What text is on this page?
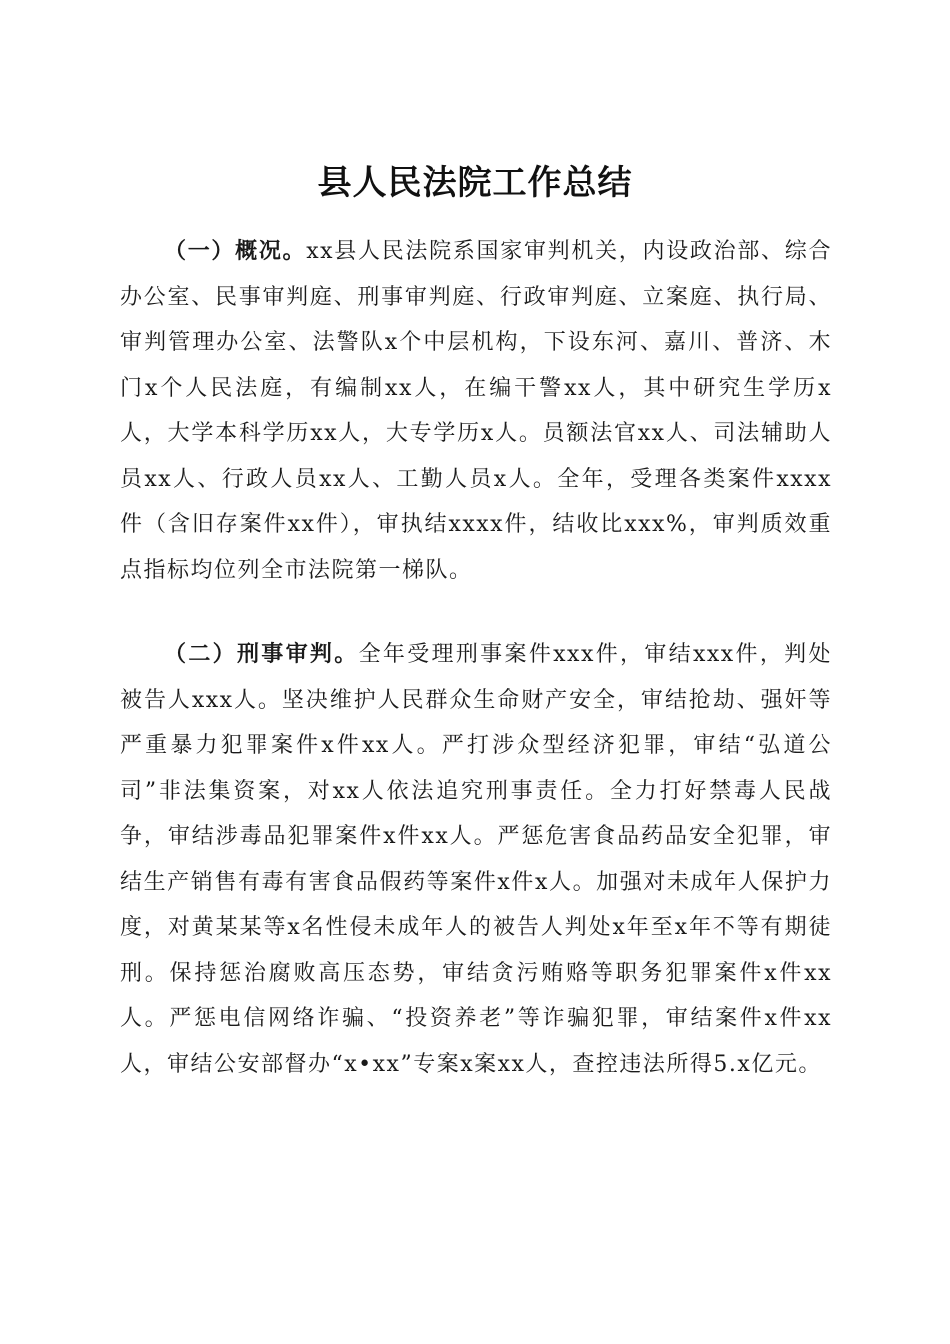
县人民法院工作总结

（一）概况。xx县人民法院系国家审判机关，内设政治部、综合办公室、民事审判庭、刑事审判庭、行政审判庭、立案庭、执行局、审判管理办公室、法警队x个中层机构，下设东河、嘉川、普济、木门x个人民法庭，有编制xx人，在编干警xx人，其中研究生学历x人，大学本科学历xx人，大专学历x人。员额法官xx人、司法辅助人员xx人、行政人员xx人、工勤人员x人。全年，受理各类案件xxxx件（含旧存案件xx件），审执结xxxx件，结收比xxx%，审判质效重点指标均位列全市法院第一梯队。

（二）刑事审判。全年受理刑事案件xxx件，审结xxx件，判处被告人xxx人。坚决维护人民群众生命财产安全，审结抢劫、强奸等严重暴力犯罪案件x件xx人。严打涉众型经济犯罪，审结“弘道公司”非法集资案，对xx人依法追究刑事责任。全力打好禁毒人民战争，审结涉毒品犯罪案件x件xx人。严惩危害食品药品安全犯罪，审结生产销售有毒有害食品假药等案件x件x人。加强对未成年人保护力度，对黄某某等x名性侵未成年人的被告人判处x年至x年不等有期徒刑。保持惩治腐败高压态势，审结贪污贿赂等职务犯罪案件x件xx人。严惩电信网络诈骗、“投资养老”等诈骗犯罪，审结案件x件xx人，审结公安部督办“x•xx”专案x案xx人，查控违法所得5.x亿元。
